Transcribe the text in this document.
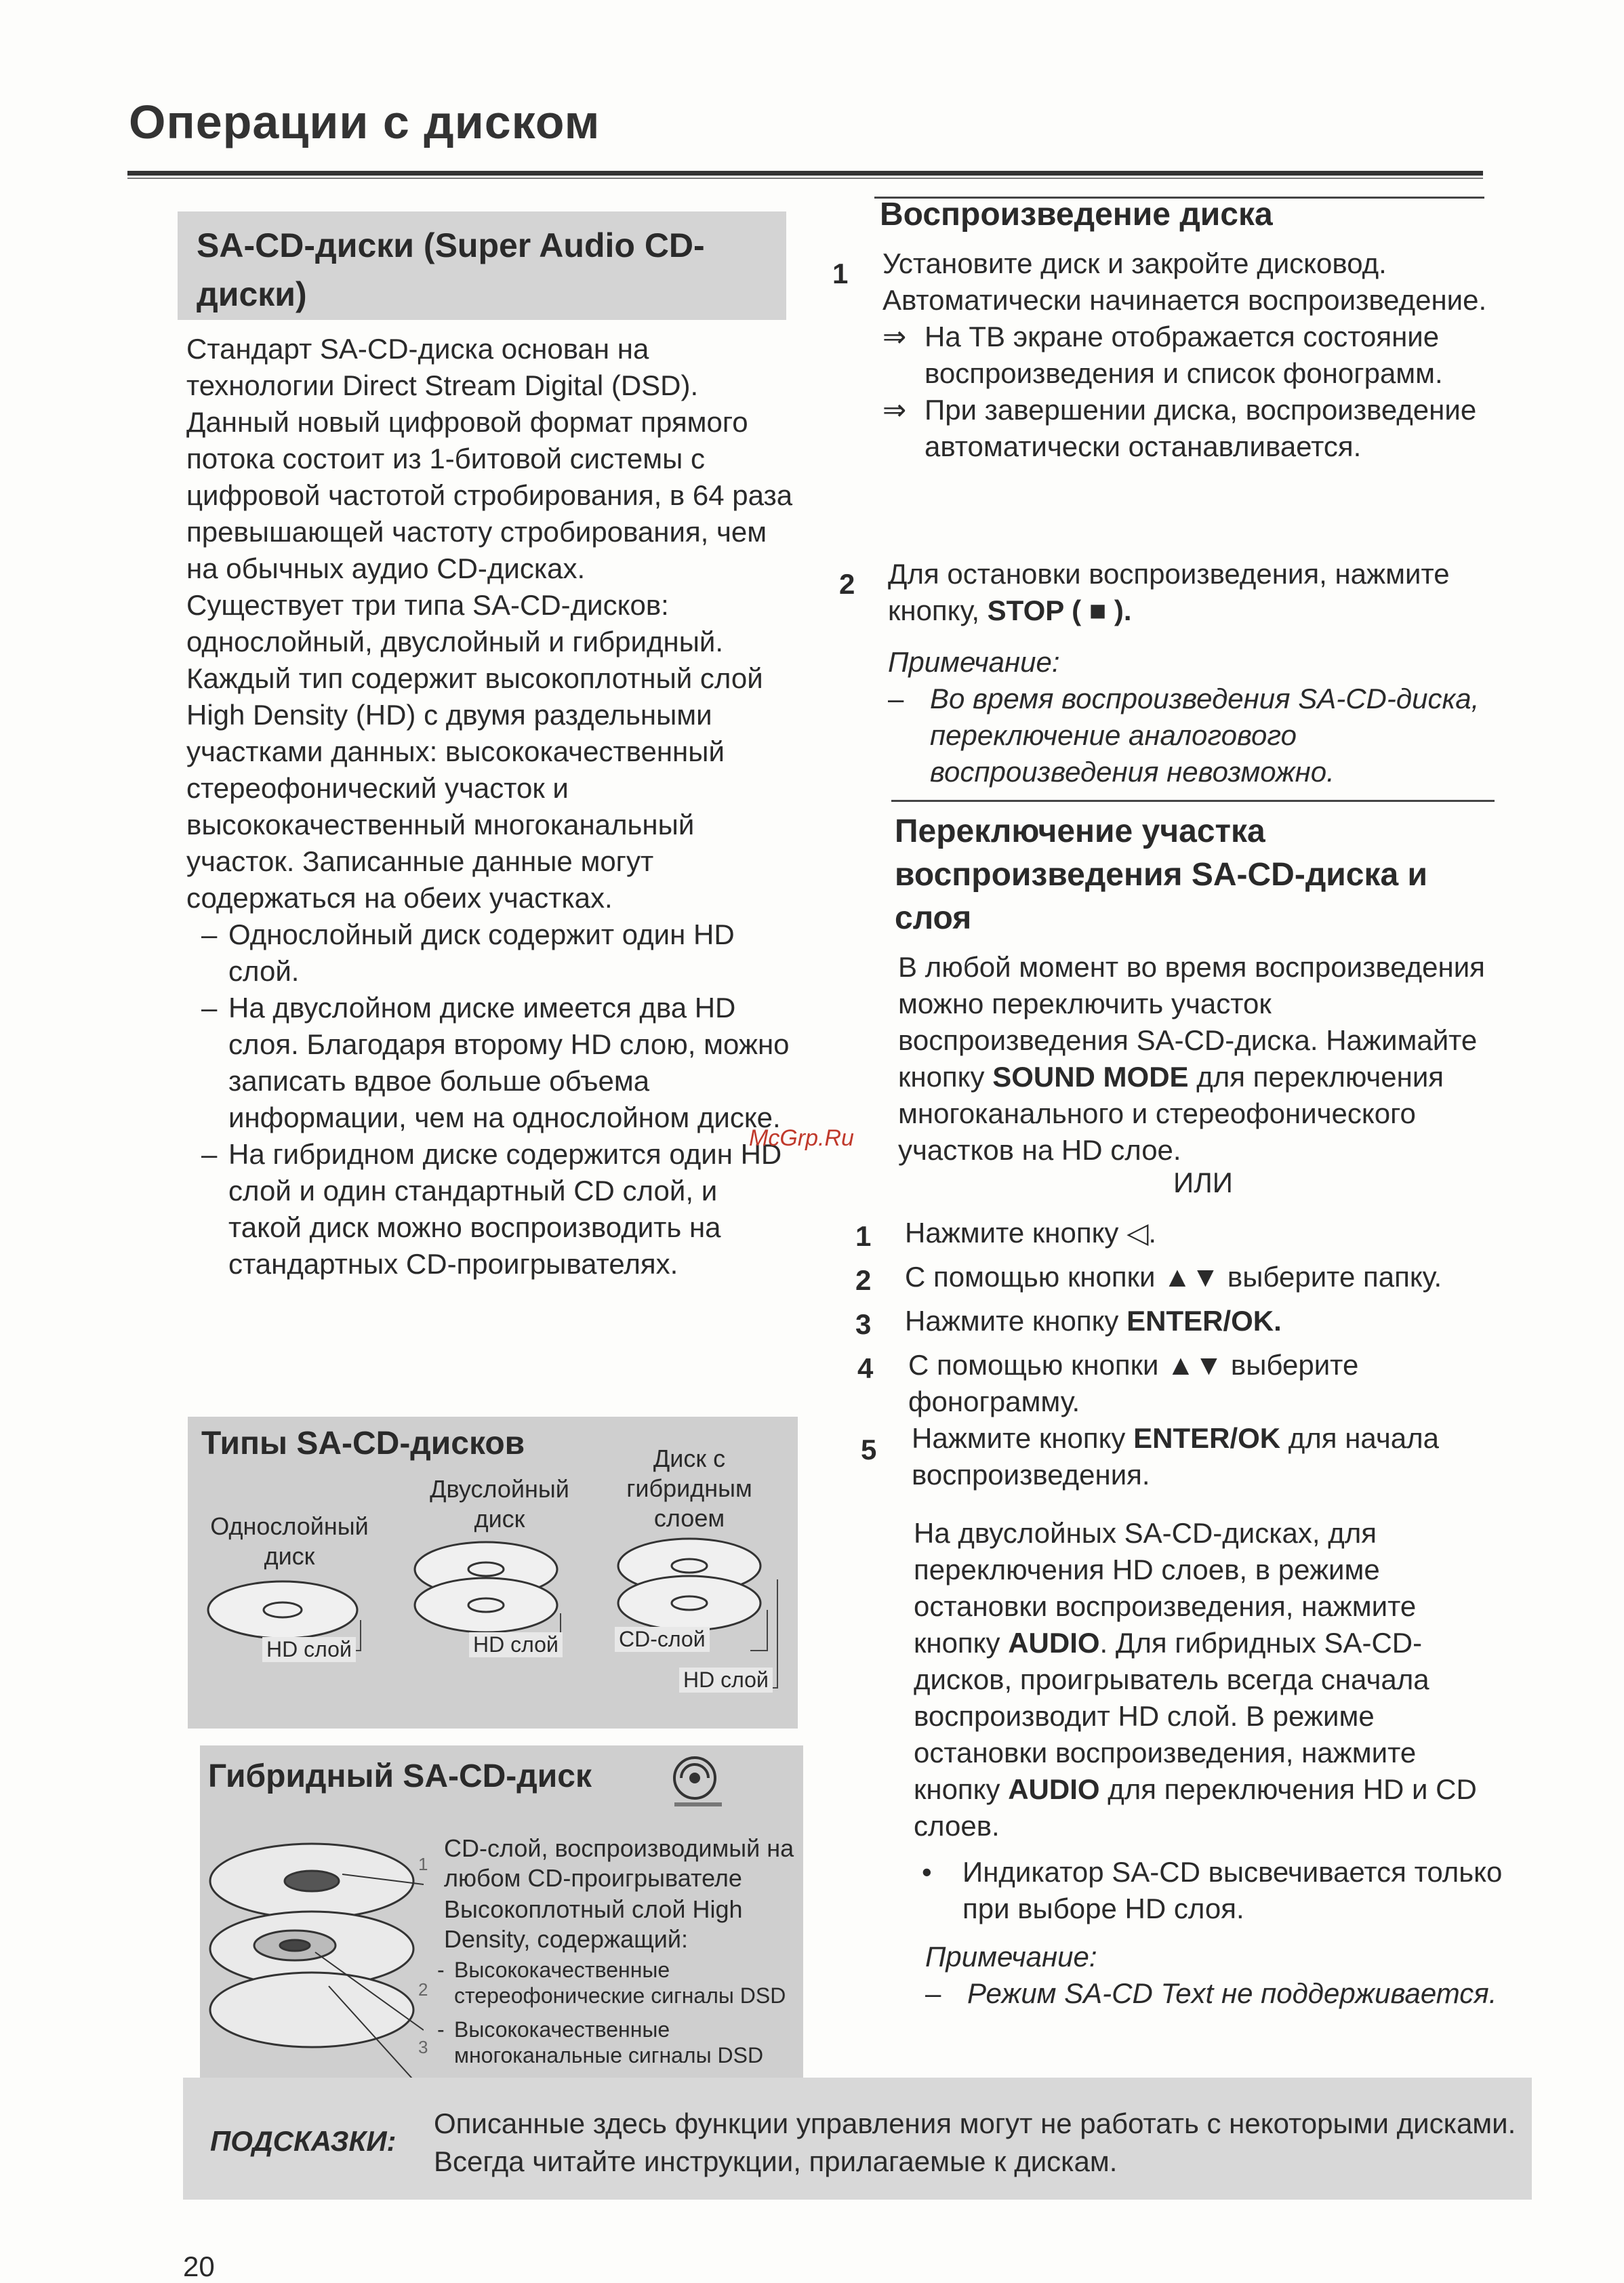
Операции с диском
SA-CD-диски (Super Audio CD-диски)

Стандарт SA-CD-диска основан на технологии Direct Stream Digital (DSD). Данный новый цифровой формат прямого потока состоит из 1-битовой системы с цифровой частотой стробирования, в 64 раза превышающей частоту стробирования, чем на обычных аудио CD-дисках.

Существует три типа SA-CD-дисков: однослойный, двуслойный и гибридный. Каждый тип содержит высокоплотный слой High Density (HD) с двумя раздельными участками данных: высококачественный стереофонический участок и высококачественный многоканальный участок. Записанные данные могут содержаться на обеих участках.

– Однослойный диск содержит один HD слой.
– На двуслойном диске имеется два HD слоя. Благодаря второму HD слою, можно записать вдвое больше объема информации, чем на однослойном диске.
– На гибридном диске содержится один HD слой и один стандартный CD слой, и такой диск можно воспроизводить на стандартных CD-проигрывателях.
Типы SA-CD-дисков
Однослойный диск
Двуслойный диск
Диск с гибридным слоем
HD слой	HD слой	CD-слой
HD слой
Гибридный SA-CD-диск
1
CD-слой, воспроизводимый на любом CD-проигрывателе
Высокоплотный слой High Density, содержащий:
2
- Высококачественные стереофонические сигналы DSD
3
- Высококачественные многоканальные сигналы DSD
Воспроизведение диска
1 Установите диск и закройте дисковод. Автоматически начинается воспроизведение.
⇒ На ТВ экране отображается состояние воспроизведения и список фонограмм.
⇒ При завершении диска, воспроизведение автоматически останавливается.
2 Для остановки воспроизведения, нажмите кнопку, STOP ( ■ ).
Примечание:
– Во время воспроизведения SA-CD-диска, переключение аналогового воспроизведения невозможно.
Переключение участка воспроизведения SA-CD-диска и слоя
В любой момент во время воспроизведения можно переключить участок воспроизведения SA-CD-диска. Нажимайте кнопку SOUND MODE для переключения многоканального и стереофонического участков на HD слое.
ИЛИ
1 Нажмите кнопку ◁.
2 С помощью кнопки ▲▼ выберите папку.
3 Нажмите кнопку ENTER/OK.
4 С помощью кнопки ▲▼ выберите фонограмму.
5 Нажмите кнопку ENTER/OK для начала воспроизведения.
На двуслойных SA-CD-дисках, для переключения HD слоев, в режиме остановки воспроизведения, нажмите кнопку AUDIO. Для гибридных SA-CD-дисков, проигрыватель всегда сначала воспроизводит HD слой. В режиме остановки воспроизведения, нажмите кнопку AUDIO для переключения HD и CD слоев.
•	Индикатор SA-CD высвечивается только при выборе HD слоя.
Примечание:
– Режим SA-CD Text не поддерживается.
ПОДСКАЗКИ:
Описанные здесь функции управления могут не работать с некоторыми дисками. Всегда читайте инструкции, прилагаемые к дискам.
McGrp.Ru
20
